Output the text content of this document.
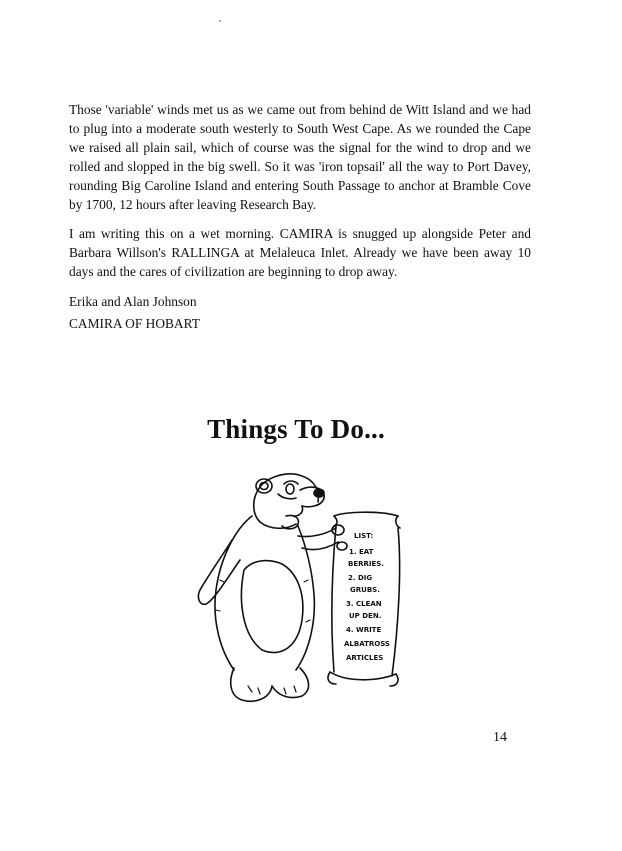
Those 'variable' winds met us as we came out from behind de Witt Island and we had to plug into a moderate south westerly to South West Cape. As we rounded the Cape we raised all plain sail, which of course was the signal for the wind to drop and we rolled and slopped in the big swell. So it was 'iron topsail' all the way to Port Davey, rounding Big Caroline Island and entering South Passage to anchor at Bramble Cove by 1700, 12 hours after leaving Research Bay.

I am writing this on a wet morning. CAMIRA is snugged up alongside Peter and Barbara Willson's RALLINGA at Melaleuca Inlet. Already we have been away 10 days and the cares of civilization are beginning to drop away.

Erika and Alan Johnson
CAMIRA OF HOBART
Things To Do...
LIST:
1. EAT
BERRIES.
2. DIG
GRUBS.
3. CLEAN
UP DEN.
4. WRITE
ALBATROSS
ARTICLES
14
